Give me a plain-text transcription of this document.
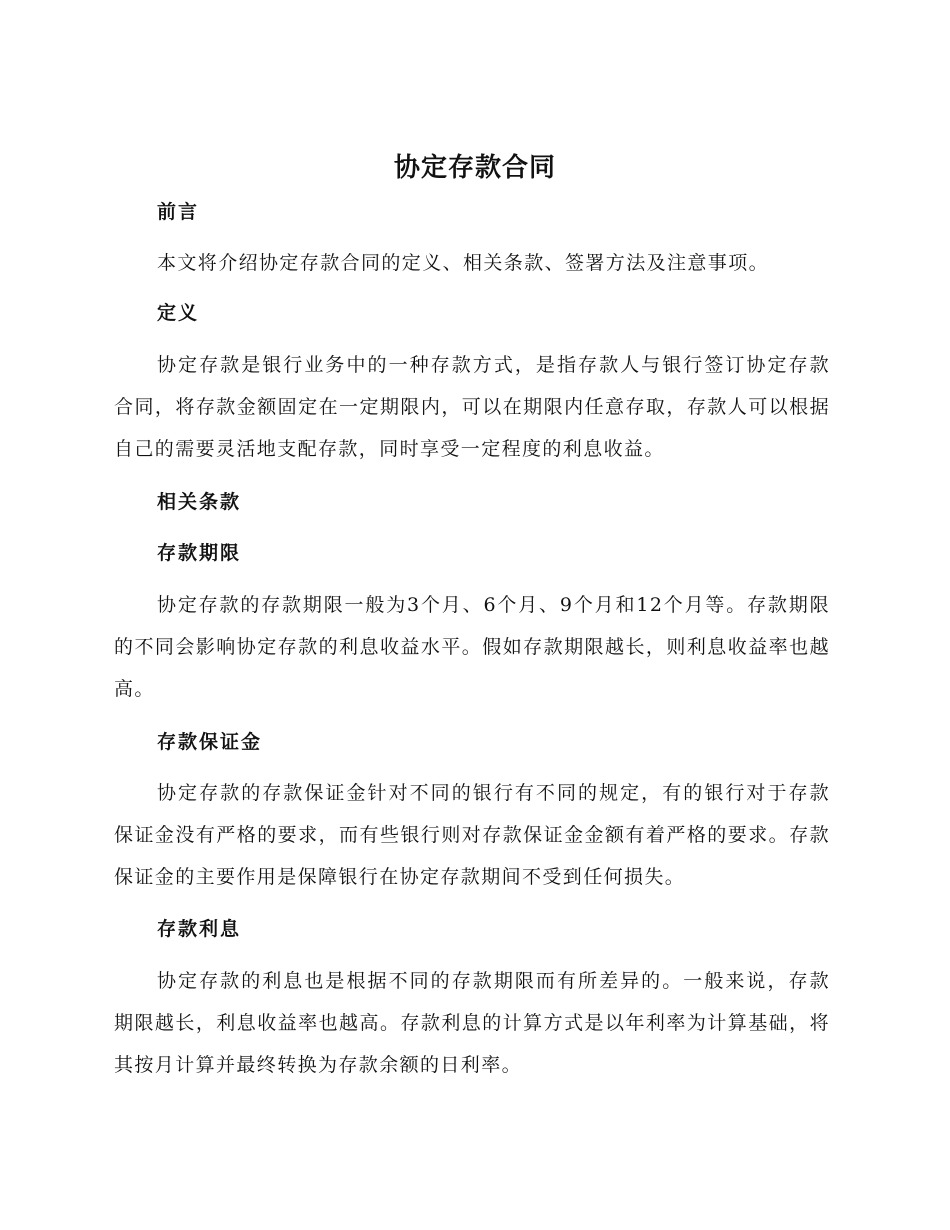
协定存款合同
前言
本文将介绍协定存款合同的定义、相关条款、签署方法及注意事项。
定义
协定存款是银行业务中的一种存款方式，是指存款人与银行签订协定存款合同，将存款金额固定在一定期限内，可以在期限内任意存取，存款人可以根据自己的需要灵活地支配存款，同时享受一定程度的利息收益。
相关条款
存款期限
协定存款的存款期限一般为3个月、6个月、9个月和12个月等。存款期限的不同会影响协定存款的利息收益水平。假如存款期限越长，则利息收益率也越高。
存款保证金
协定存款的存款保证金针对不同的银行有不同的规定，有的银行对于存款保证金没有严格的要求，而有些银行则对存款保证金金额有着严格的要求。存款保证金的主要作用是保障银行在协定存款期间不受到任何损失。
存款利息
协定存款的利息也是根据不同的存款期限而有所差异的。一般来说，存款期限越长，利息收益率也越高。存款利息的计算方式是以年利率为计算基础，将其按月计算并最终转换为存款余额的日利率。
